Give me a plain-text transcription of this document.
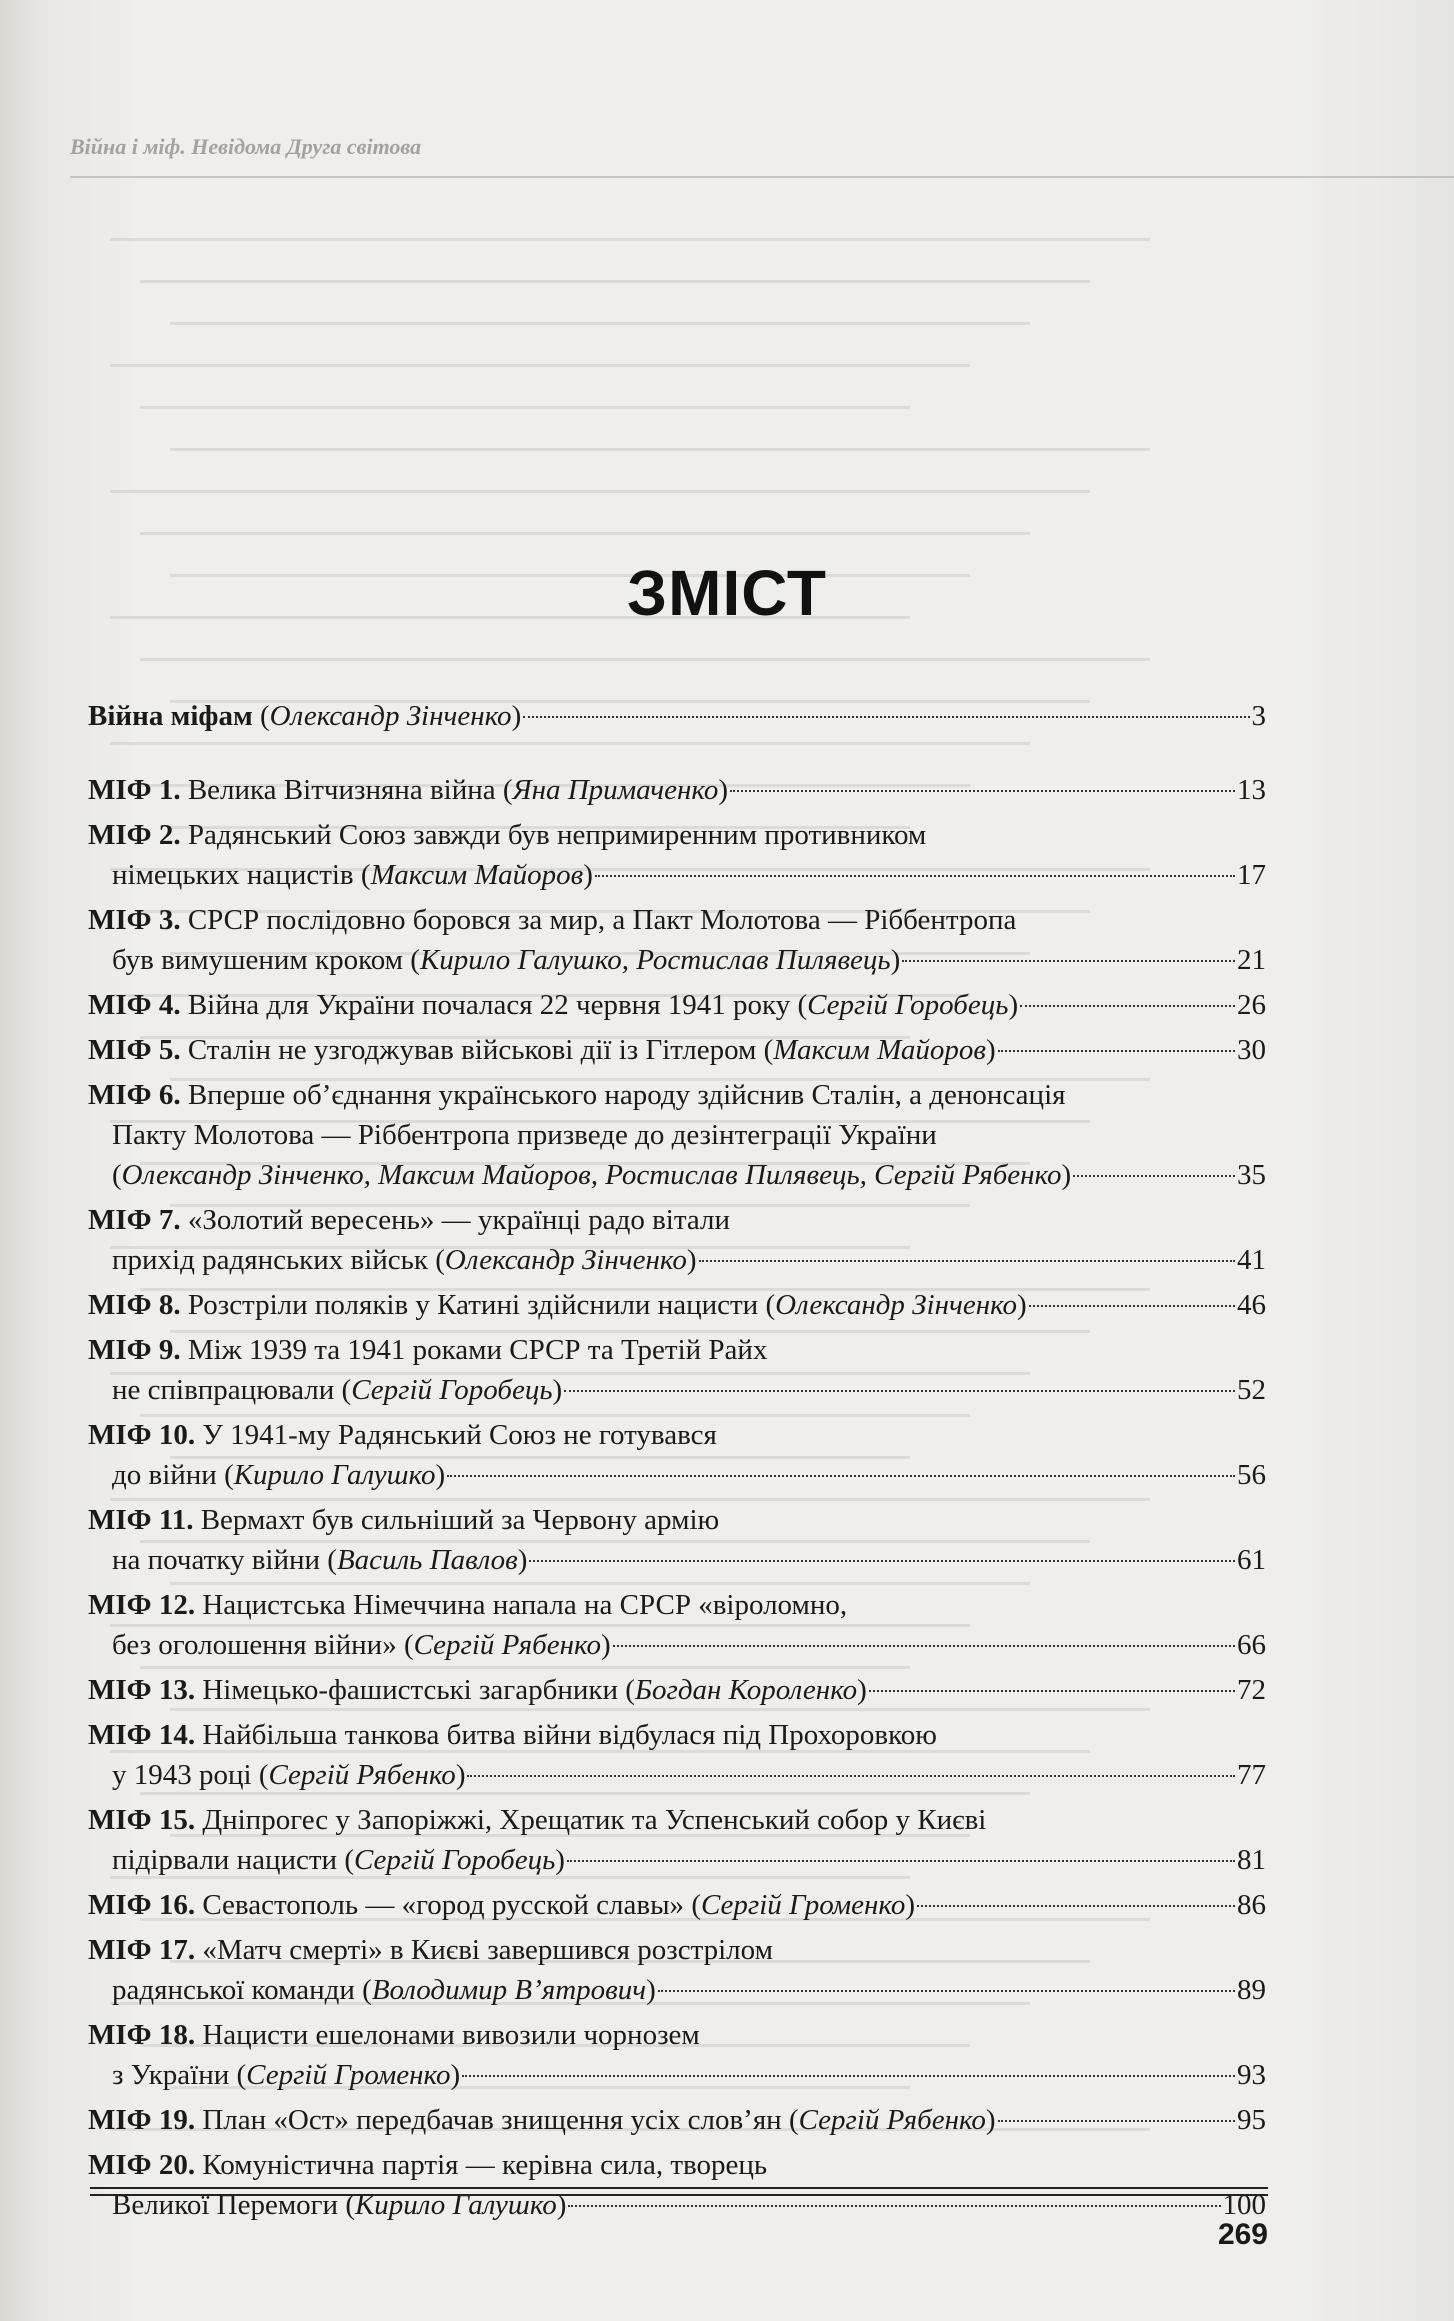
Війна і міф. Невідома Друга світова
ЗМІСТ
Війна міфам (Олександр Зінченко)	3
МІФ 1. Велика Вітчизняна війна (Яна Примаченко)	13
МІФ 2. Радянський Союз завжди був непримиренним противником
німецьких нацистів (Максим Майоров)	17
МІФ 3. СРСР послідовно боровся за мир, а Пакт Молотова — Ріббентропа
був вимушеним кроком (Кирило Галушко, Ростислав Пилявець)	21
МІФ 4. Війна для України почалася 22 червня 1941 року (Сергій Горобець)	26
МІФ 5. Сталін не узгоджував військові дії із Гітлером (Максим Майоров)	30
МІФ 6. Вперше об’єднання українського народу здійснив Сталін, а денонсація
Пакту Молотова — Ріббентропа призведе до дезінтеграції України
(Олександр Зінченко, Максим Майоров, Ростислав Пилявець, Сергій Рябенко)	35
МІФ 7. «Золотий вересень» — українці радо вітали
прихід радянських військ (Олександр Зінченко)	41
МІФ 8. Розстріли поляків у Катині здійснили нацисти (Олександр Зінченко)	46
МІФ 9. Між 1939 та 1941 роками СРСР та Третій Райх
не співпрацювали (Сергій Горобець)	52
МІФ 10. У 1941-му Радянський Союз не готувався
до війни (Кирило Галушко)	56
МІФ 11. Вермахт був сильніший за Червону армію
на початку війни (Василь Павлов)	61
МІФ 12. Нацистська Німеччина напала на СРСР «віроломно,
без оголошення війни» (Сергій Рябенко)	66
МІФ 13. Німецько-фашистські загарбники (Богдан Короленко)	72
МІФ 14. Найбільша танкова битва війни відбулася під Прохоровкою
у 1943 році (Сергій Рябенко)	77
МІФ 15. Дніпрогес у Запоріжжі, Хрещатик та Успенський собор у Києві
підірвали нацисти (Сергій Горобець)	81
МІФ 16. Севастополь — «город русской славы» (Сергій Громенко)	86
МІФ 17. «Матч смерті» в Києві завершився розстрілом
радянської команди (Володимир В’ятрович)	89
МІФ 18. Нацисти ешелонами вивозили чорнозем
з України (Сергій Громенко)	93
МІФ 19. План «Ост» передбачав знищення усіх слов’ян (Сергій Рябенко)	95
МІФ 20. Комуністична партія — керівна сила, творець
Великої Перемоги (Кирило Галушко)	100
269
